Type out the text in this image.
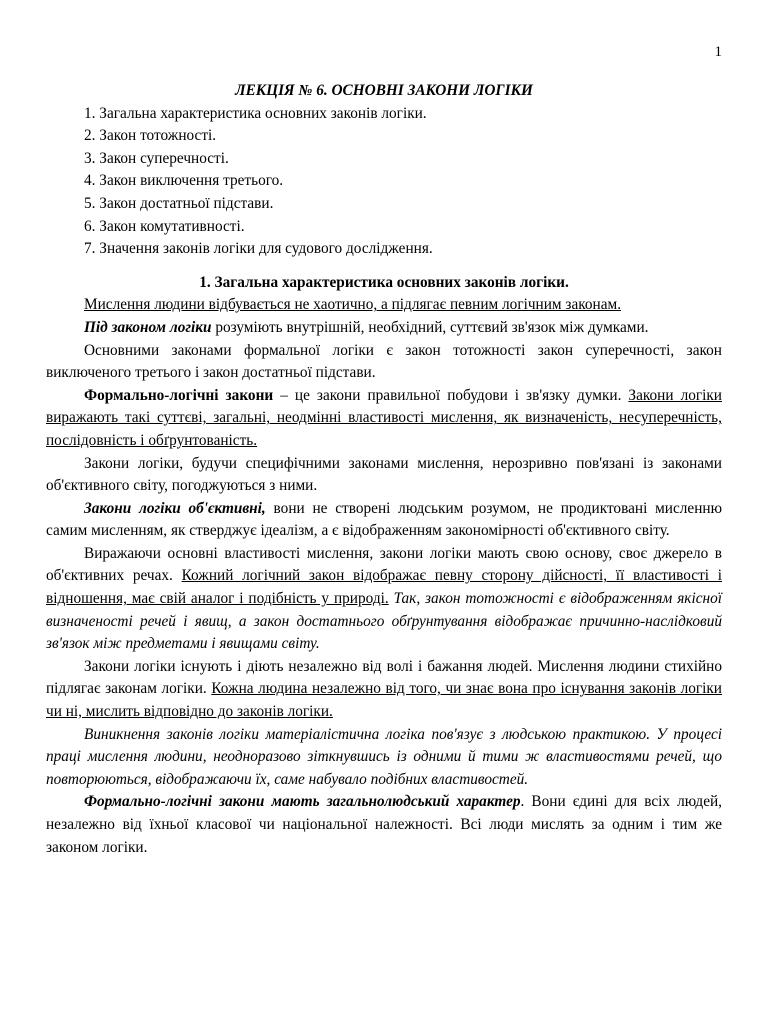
1
ЛЕКЦІЯ № 6. ОСНОВНІ ЗАКОНИ ЛОГІКИ
1. Загальна характеристика основних законів логіки.
2. Закон тотожності.
3. Закон суперечності.
4. Закон виключення третього.
5. Закон достатньої підстави.
6. Закон комутативності.
7. Значення законів логіки для судового дослідження.
1. Загальна характеристика основних законів логіки.

Мислення людини відбувається не хаотично, а підлягає певним логічним законам.

Під законом логіки розуміють внутрішній, необхідний, суттєвий зв'язок між думками.

Основними законами формальної логіки є закон тотожності закон суперечності, закон виключеного третього і закон достатньої підстави.

Формально-логічні закони – це закони правильної побудови і зв'язку думки. Закони логіки виражають такі суттєві, загальні, неодмінні властивості мислення, як визначеність, несуперечність, послідовність і обґрунтованість.

Закони логіки, будучи специфічними законами мислення, нерозривно пов'язані із законами об'єктивного світу, погоджуються з ними.

Закони логіки об'єктивні, вони не створені людським розумом, не продиктовані мисленню самим мисленням, як стверджує ідеалізм, а є відображенням закономірності об'єктивного світу.

Виражаючи основні властивості мислення, закони логіки мають свою основу, своє джерело в об'єктивних речах. Кожний логічний закон відображає певну сторону дійсності, її властивості і відношення, має свій аналог і подібність у природі. Так, закон тотожності є відображенням якісної визначеності речей і явищ, а закон достатнього обґрунтування відображає причинно-наслідковий зв'язок між предметами і явищами світу.

Закони логіки існують і діють незалежно від волі і бажання людей. Мислення людини стихійно підлягає законам логіки. Кожна людина незалежно від того, чи знає вона про існування законів логіки чи ні, мислить відповідно до законів логіки.

Виникнення законів логіки матеріалістична логіка пов'язує з людською практикою. У процесі праці мислення людини, неодноразово зіткнувшись із одними й тими ж властивостями речей, що повторюються, відображаючи їх, саме набувало подібних властивостей.

Формально-логічні закони мають загальнолюдський характер. Вони єдині для всіх людей, незалежно від їхньої класової чи національної належності. Всі люди мислять за одним і тим же законом логіки.
